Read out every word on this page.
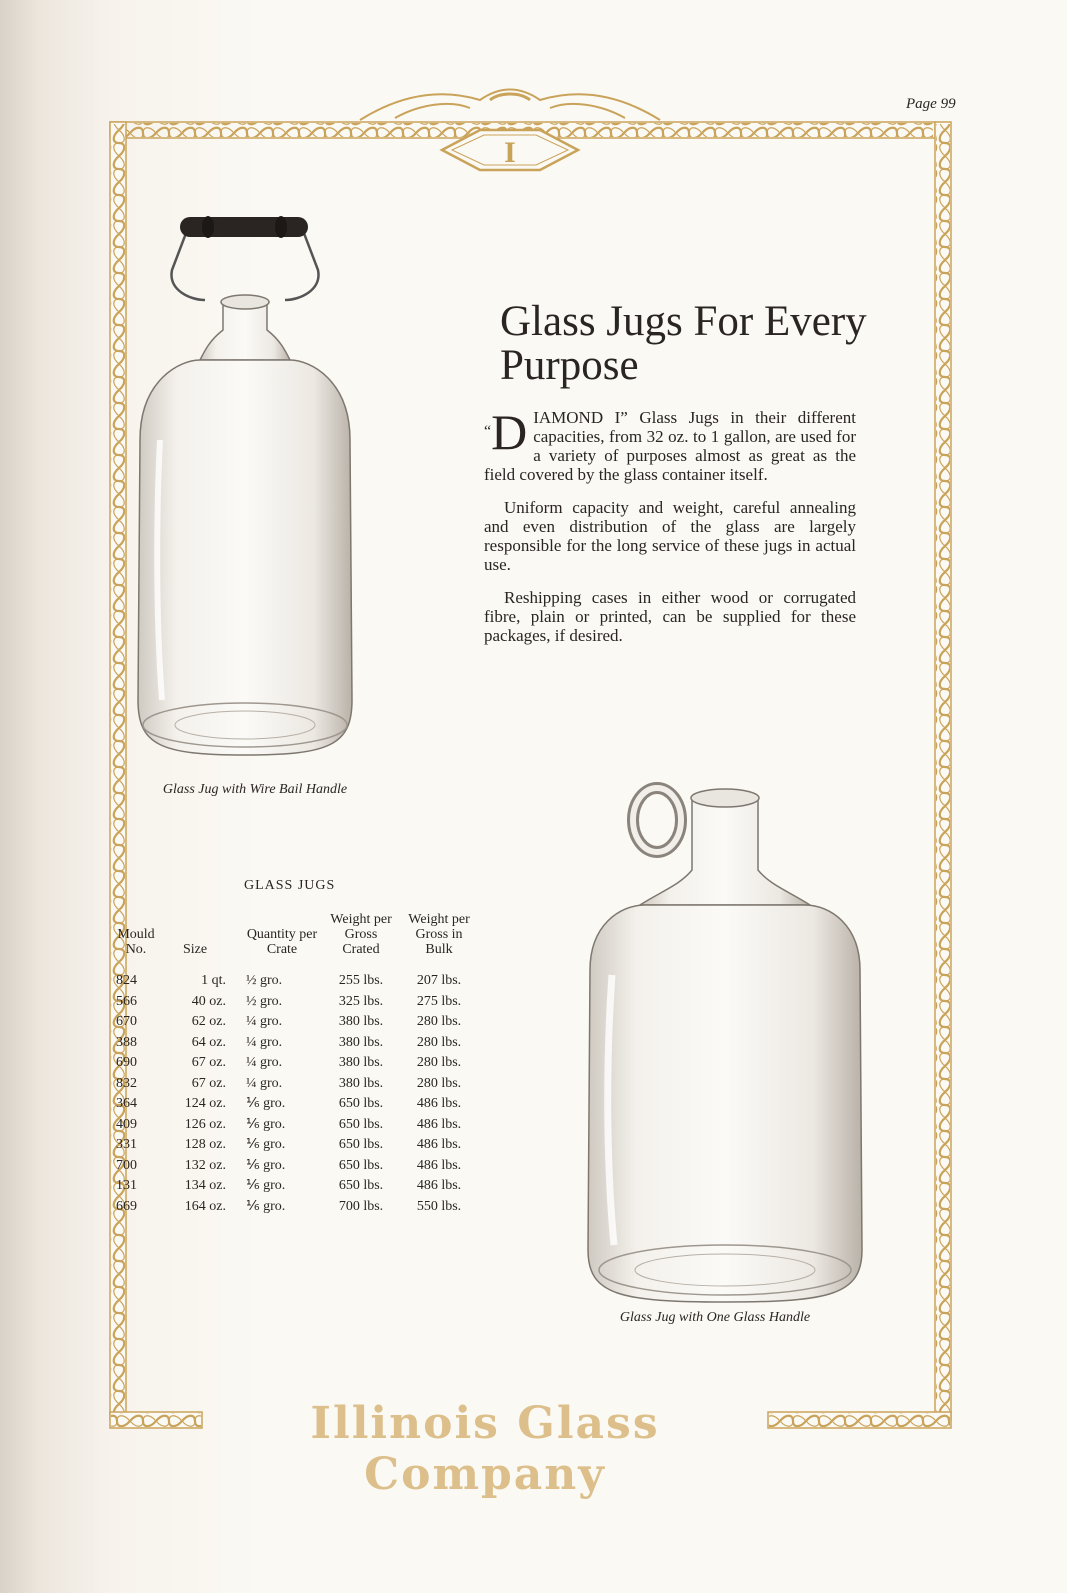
Page 99
I
Glass Jugs For Every Purpose

“D IAMOND I” Glass Jugs in their different capacities, from 32 oz. to 1 gallon, are used for a variety of purposes almost as great as the field covered by the glass container itself.

Uniform capacity and weight, careful annealing and even distribution of the glass are largely responsible for the long service of these jugs in actual use.

Reshipping cases in either wood or corrugated fibre, plain or printed, can be supplied for these packages, if desired.

Glass Jug with Wire Bail Handle
Glass Jug with One Glass Handle
GLASS JUGS
Mould No.	Size	Quantity per Crate	Weight per Gross Crated	Weight per Gross in Bulk
824	1 qt.	½ gro.	255 lbs.	207 lbs.
566	40 oz.	½ gro.	325 lbs.	275 lbs.
670	62 oz.	¼ gro.	380 lbs.	280 lbs.
388	64 oz.	¼ gro.	380 lbs.	280 lbs.
690	67 oz.	¼ gro.	380 lbs.	280 lbs.
832	67 oz.	¼ gro.	380 lbs.	280 lbs.
364	124 oz.	⅙ gro.	650 lbs.	486 lbs.
409	126 oz.	⅙ gro.	650 lbs.	486 lbs.
331	128 oz.	⅙ gro.	650 lbs.	486 lbs.
700	132 oz.	⅙ gro.	650 lbs.	486 lbs.
131	134 oz.	⅙ gro.	650 lbs.	486 lbs.
669	164 oz.	⅙ gro.	700 lbs.	550 lbs.
Illinois Glass Company
